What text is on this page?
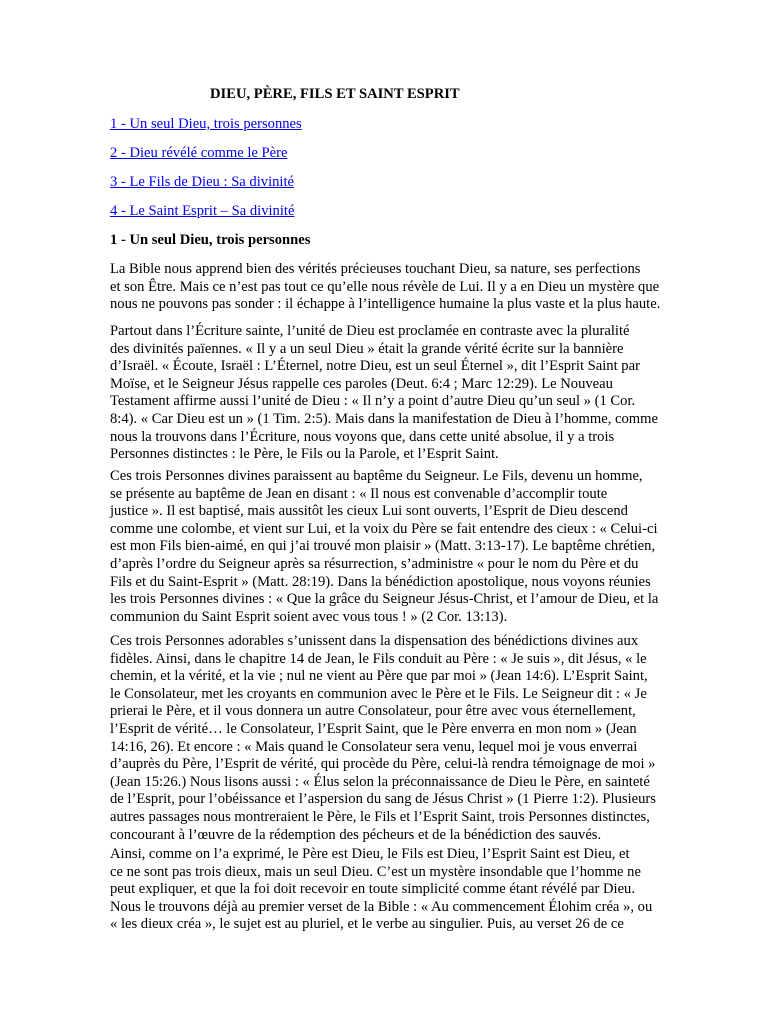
DIEU, PÈRE, FILS ET SAINT ESPRIT
1 - Un seul Dieu, trois personnes
2 - Dieu révélé comme le Père
3 - Le Fils de Dieu : Sa divinité
4 - Le Saint Esprit – Sa divinité
1 - Un seul Dieu, trois personnes

La Bible nous apprend bien des vérités précieuses touchant Dieu, sa nature, ses perfections
et son Être. Mais ce n’est pas tout ce qu’elle nous révèle de Lui. Il y a en Dieu un mystère que
nous ne pouvons pas sonder : il échappe à l’intelligence humaine la plus vaste et la plus haute.

Partout dans l’Écriture sainte, l’unité de Dieu est proclamée en contraste avec la pluralité
des divinités païennes. « Il y a un seul Dieu » était la grande vérité écrite sur la bannière
d’Israël. « Écoute, Israël : L’Éternel, notre Dieu, est un seul Éternel », dit l’Esprit Saint par
Moïse, et le Seigneur Jésus rappelle ces paroles (Deut. 6:4 ; Marc 12:29). Le Nouveau
Testament affirme aussi l’unité de Dieu : « Il n’y a point d’autre Dieu qu’un seul » (1 Cor.
8:4). « Car Dieu est un » (1 Tim. 2:5). Mais dans la manifestation de Dieu à l’homme, comme
nous la trouvons dans l’Écriture, nous voyons que, dans cette unité absolue, il y a trois
Personnes distinctes : le Père, le Fils ou la Parole, et l’Esprit Saint.

Ces trois Personnes divines paraissent au baptême du Seigneur. Le Fils, devenu un homme,
se présente au baptême de Jean en disant : « Il nous est convenable d’accomplir toute
justice ». Il est baptisé, mais aussitôt les cieux Lui sont ouverts, l’Esprit de Dieu descend
comme une colombe, et vient sur Lui, et la voix du Père se fait entendre des cieux : « Celui-ci
est mon Fils bien-aimé, en qui j’ai trouvé mon plaisir » (Matt. 3:13-17). Le baptême chrétien,
d’après l’ordre du Seigneur après sa résurrection, s’administre « pour le nom du Père et du
Fils et du Saint-Esprit » (Matt. 28:19). Dans la bénédiction apostolique, nous voyons réunies
les trois Personnes divines : « Que la grâce du Seigneur Jésus-Christ, et l’amour de Dieu, et la
communion du Saint Esprit soient avec vous tous ! » (2 Cor. 13:13).

Ces trois Personnes adorables s’unissent dans la dispensation des bénédictions divines aux
fidèles. Ainsi, dans le chapitre 14 de Jean, le Fils conduit au Père : « Je suis », dit Jésus, « le
chemin, et la vérité, et la vie ; nul ne vient au Père que par moi » (Jean 14:6). L’Esprit Saint,
le Consolateur, met les croyants en communion avec le Père et le Fils. Le Seigneur dit : « Je
prierai le Père, et il vous donnera un autre Consolateur, pour être avec vous éternellement,
l’Esprit de vérité… le Consolateur, l’Esprit Saint, que le Père enverra en mon nom » (Jean
14:16, 26). Et encore : « Mais quand le Consolateur sera venu, lequel moi je vous enverrai
d’auprès du Père, l’Esprit de vérité, qui procède du Père, celui-là rendra témoignage de moi »
(Jean 15:26.) Nous lisons aussi : « Élus selon la préconnaissance de Dieu le Père, en sainteté
de l’Esprit, pour l’obéissance et l’aspersion du sang de Jésus Christ » (1 Pierre 1:2). Plusieurs
autres passages nous montreraient le Père, le Fils et l’Esprit Saint, trois Personnes distinctes,
concourant à l’œuvre de la rédemption des pécheurs et de la bénédiction des sauvés.

Ainsi, comme on l’a exprimé, le Père est Dieu, le Fils est Dieu, l’Esprit Saint est Dieu, et
ce ne sont pas trois dieux, mais un seul Dieu. C’est un mystère insondable que l’homme ne
peut expliquer, et que la foi doit recevoir en toute simplicité comme étant révélé par Dieu.
Nous le trouvons déjà au premier verset de la Bible : « Au commencement Élohim créa », ou
« les dieux créa », le sujet est au pluriel, et le verbe au singulier. Puis, au verset 26 de ce
